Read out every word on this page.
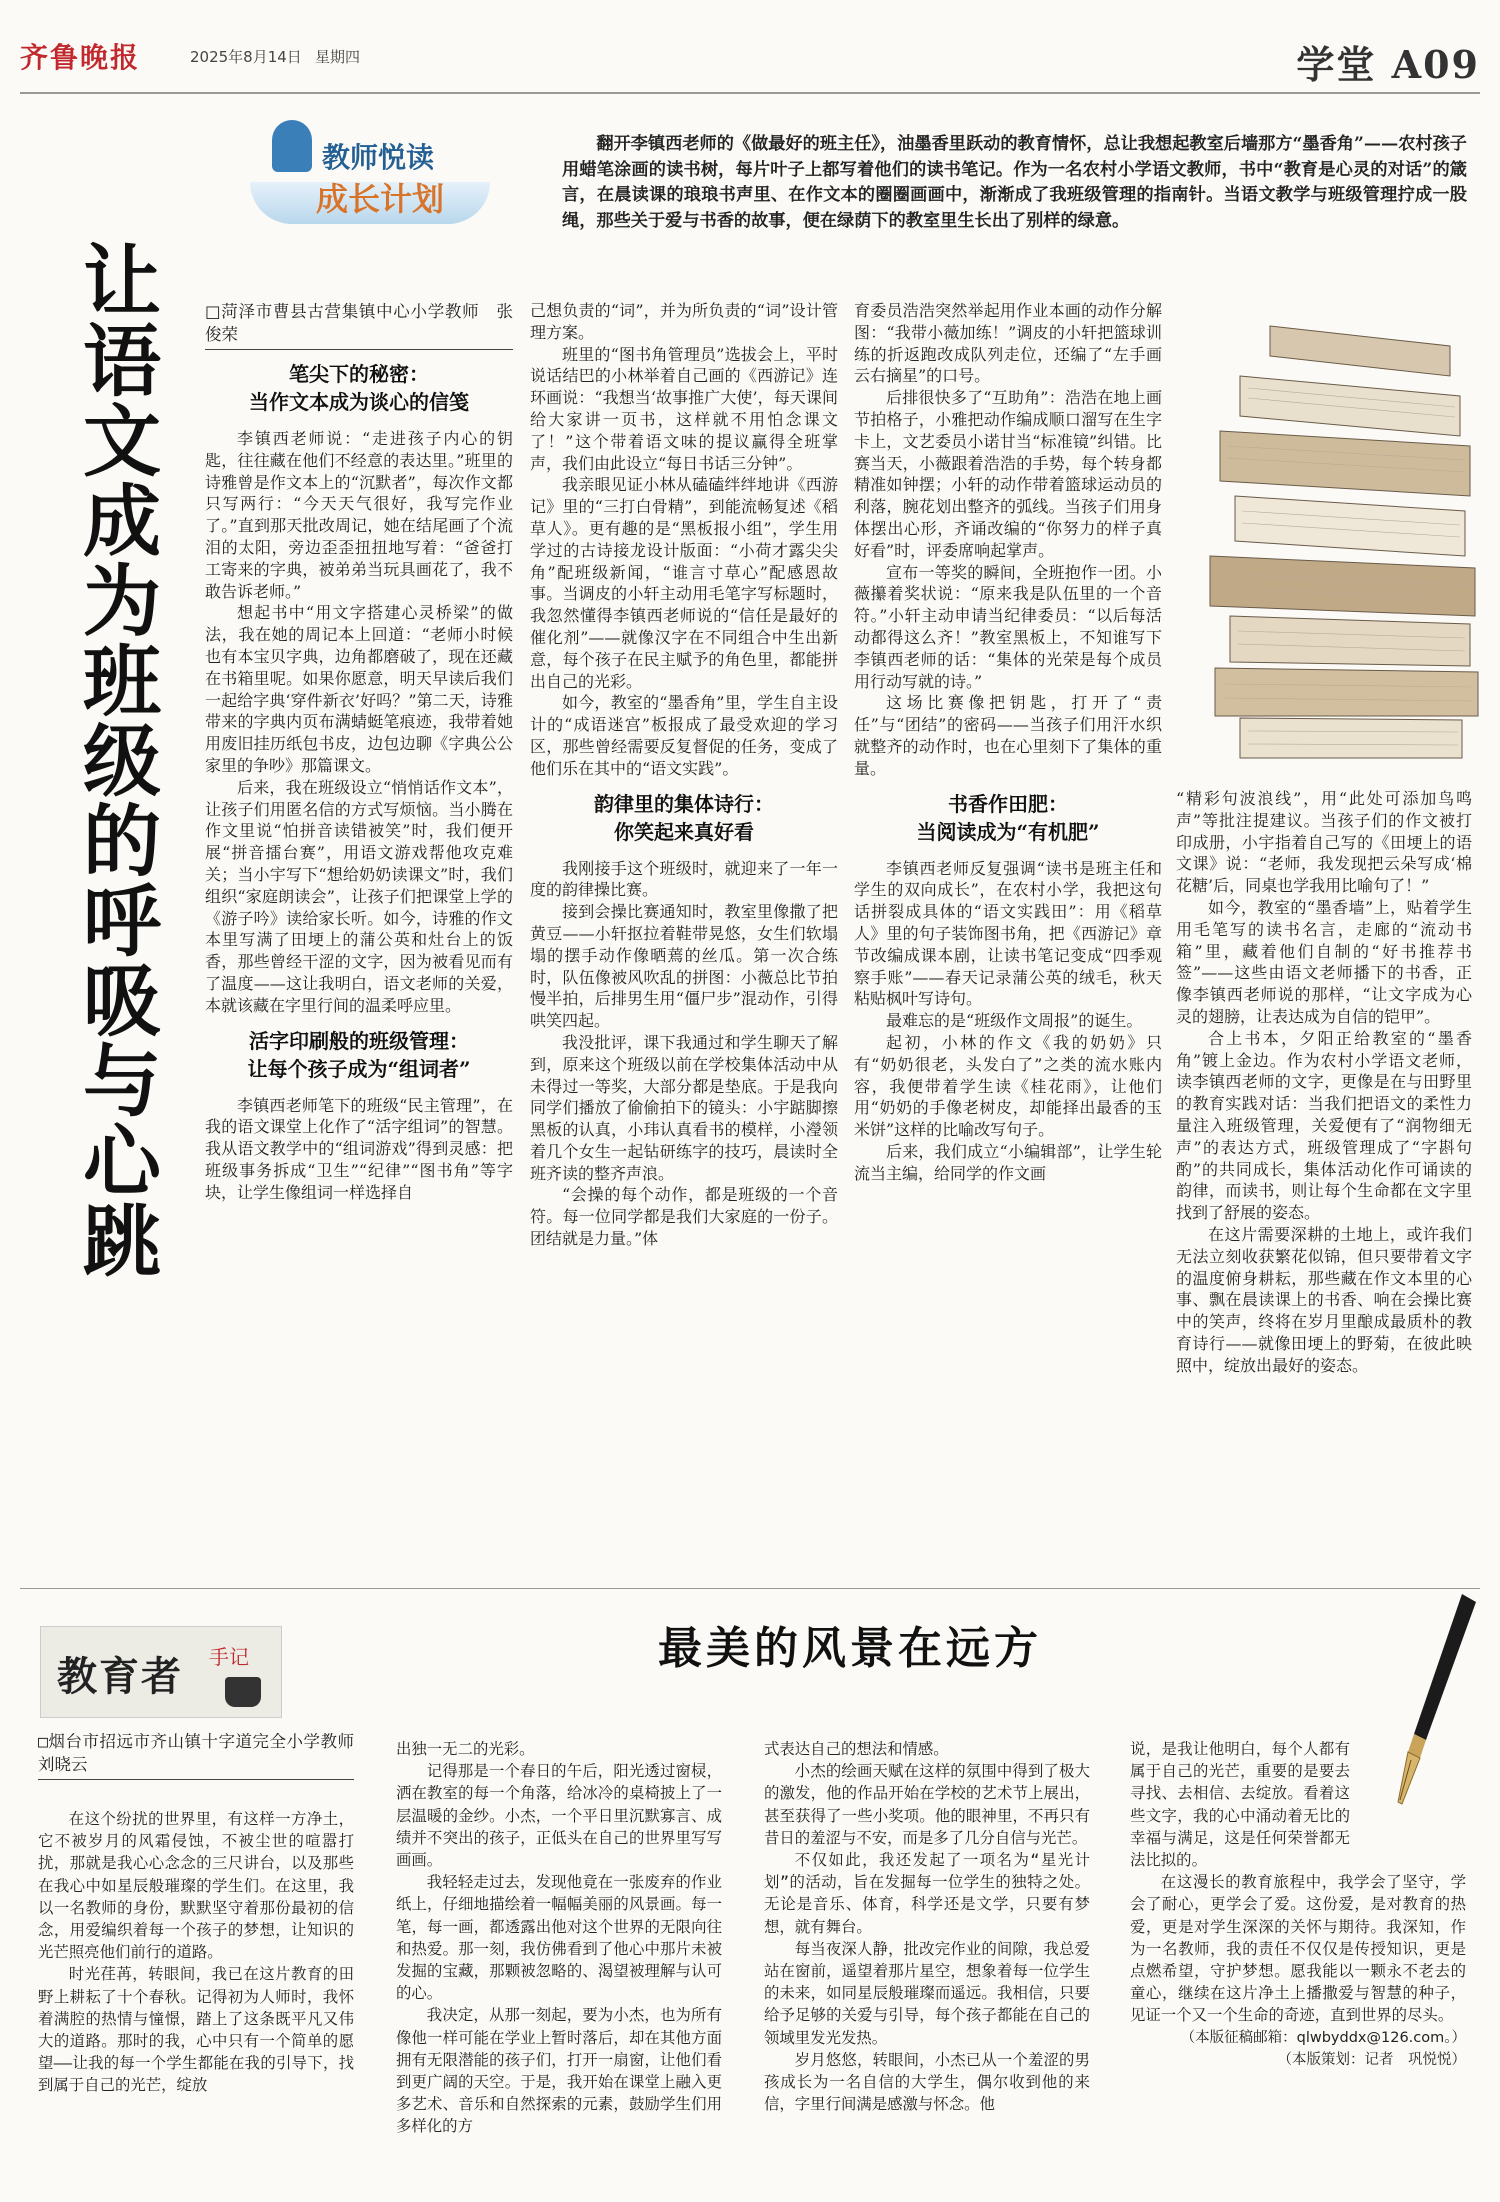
齐鲁晚报	2025年8月14日 星期四	学堂 A09
教师悦读
成长计划
翻开李镇西老师的《做最好的班主任》，油墨香里跃动的教育情怀，总让我想起教室后墙那方“墨香角”——农村孩子用蜡笔涂画的读书树，每片叶子上都写着他们的读书笔记。作为一名农村小学语文教师，书中“教育是心灵的对话”的箴言，在晨读课的琅琅书声里、在作文本的圈圈画画中，渐渐成了我班级管理的指南针。当语文教学与班级管理拧成一股绳，那些关于爱与书香的故事，便在绿荫下的教室里生长出了别样的绿意。
让语文成为班级的呼吸与心跳	□菏泽市曹县古营集镇中心小学教师　张俊荣
笔尖下的秘密：
当作文本成为谈心的信笺

李镇西老师说：“走进孩子内心的钥匙，往往藏在他们不经意的表达里。”班里的诗雅曾是作文本上的“沉默者”，每次作文都只写两行：“今天天气很好，我写完作业了。”直到那天批改周记，她在结尾画了个流泪的太阳，旁边歪歪扭扭地写着：“爸爸打工寄来的字典，被弟弟当玩具画花了，我不敢告诉老师。”

想起书中“用文字搭建心灵桥梁”的做法，我在她的周记本上回道：“老师小时候也有本宝贝字典，边角都磨破了，现在还藏在书箱里呢。如果你愿意，明天早读后我们一起给字典‘穿件新衣’好吗？”第二天，诗雅带来的字典内页布满蜻蜓笔痕迹，我带着她用废旧挂历纸包书皮，边包边聊《字典公公家里的争吵》那篇课文。

后来，我在班级设立“悄悄话作文本”，让孩子们用匿名信的方式写烦恼。当小腾在作文里说“怕拼音读错被笑”时，我们便开展“拼音擂台赛”，用语文游戏帮他攻克难关；当小宇写下“想给奶奶读课文”时，我们组织“家庭朗读会”，让孩子们把课堂上学的《游子吟》读给家长听。如今，诗雅的作文本里写满了田埂上的蒲公英和灶台上的饭香，那些曾经干涩的文字，因为被看见而有了温度——这让我明白，语文老师的关爱，本就该藏在字里行间的温柔呼应里。

活字印刷般的班级管理：
让每个孩子成为“组词者”

李镇西老师笔下的班级“民主管理”，在我的语文课堂上化作了“活字组词”的智慧。我从语文教学中的“组词游戏”得到灵感：把班级事务拆成“卫生”“纪律”“图书角”等字块，让学生像组词一样选择自

己想负责的“词”，并为所负责的“词”设计管理方案。

班里的“图书角管理员”选拔会上，平时说话结巴的小林举着自己画的《西游记》连环画说：“我想当‘故事推广大使’，每天课间给大家讲一页书，这样就不用怕念课文了！”这个带着语文味的提议赢得全班掌声，我们由此设立“每日书话三分钟”。

我亲眼见证小林从磕磕绊绊地讲《西游记》里的“三打白骨精”，到能流畅复述《稻草人》。更有趣的是“黑板报小组”，学生用学过的古诗接龙设计版面：“小荷才露尖尖角”配班级新闻，“谁言寸草心”配感恩故事。当调皮的小轩主动用毛笔字写标题时，我忽然懂得李镇西老师说的“信任是最好的催化剂”——就像汉字在不同组合中生出新意，每个孩子在民主赋予的角色里，都能拼出自己的光彩。

如今，教室的“墨香角”里，学生自主设计的“成语迷宫”板报成了最受欢迎的学习区，那些曾经需要反复督促的任务，变成了他们乐在其中的“语文实践”。

韵律里的集体诗行：
你笑起来真好看

我刚接手这个班级时，就迎来了一年一度的韵律操比赛。

接到会操比赛通知时，教室里像撒了把黄豆——小轩抠拉着鞋带晃悠，女生们软塌塌的摆手动作像晒蔫的丝瓜。第一次合练时，队伍像被风吹乱的拼图：小薇总比节拍慢半拍，后排男生用“僵尸步”混动作，引得哄笑四起。

我没批评，课下我通过和学生聊天了解到，原来这个班级以前在学校集体活动中从未得过一等奖，大部分都是垫底。于是我向同学们播放了偷偷拍下的镜头：小宇踮脚擦黑板的认真，小玮认真看书的模样，小瀅领着几个女生一起钻研练字的技巧，晨读时全班齐读的整齐声浪。

“会操的每个动作，都是班级的一个音符。每一位同学都是我们大家庭的一份子。团结就是力量。”体

育委员浩浩突然举起用作业本画的动作分解图：“我带小薇加练！”调皮的小轩把篮球训练的折返跑改成队列走位，还编了“左手画云右摘星”的口号。

后排很快多了“互助角”：浩浩在地上画节拍格子，小雅把动作编成顺口溜写在生字卡上，文艺委员小诺甘当“标准镜”纠错。比赛当天，小薇跟着浩浩的手势，每个转身都精准如钟摆；小轩的动作带着篮球运动员的利落，腕花划出整齐的弧线。当孩子们用身体摆出心形，齐诵改编的“你努力的样子真好看”时，评委席响起掌声。

宣布一等奖的瞬间，全班抱作一团。小薇攥着奖状说：“原来我是队伍里的一个音符。”小轩主动申请当纪律委员：“以后每活动都得这么齐！”教室黑板上，不知谁写下李镇西老师的话：“集体的光荣是每个成员用行动写就的诗。”

这场比赛像把钥匙，打开了“责任”与“团结”的密码——当孩子们用汗水织就整齐的动作时，也在心里刻下了集体的重量。

书香作田肥：
当阅读成为“有机肥”

李镇西老师反复强调“读书是班主任和学生的双向成长”，在农村小学，我把这句话拼裂成具体的“语文实践田”：用《稻草人》里的句子装饰图书角，把《西游记》章节改编成课本剧，让读书笔记变成“四季观察手账”——春天记录蒲公英的绒毛，秋天粘贴枫叶写诗句。

最难忘的是“班级作文周报”的诞生。

起初，小林的作文《我的奶奶》只有“奶奶很老，头发白了”之类的流水账内容，我便带着学生读《桂花雨》，让他们用“奶奶的手像老树皮，却能择出最香的玉米饼”这样的比喻改写句子。

后来，我们成立“小编辑部”，让学生轮流当主编，给同学的作文画

“精彩句波浪线”，用“此处可添加鸟鸣声”等批注提建议。当孩子们的作文被打印成册，小宇指着自己写的《田埂上的语文课》说：“老师，我发现把云朵写成‘棉花糖’后，同桌也学我用比喻句了！”

如今，教室的“墨香墙”上，贴着学生用毛笔写的读书名言，走廊的“流动书箱”里，藏着他们自制的“好书推荐书签”——这些由语文老师播下的书香，正像李镇西老师说的那样，“让文字成为心灵的翅膀，让表达成为自信的铠甲”。

合上书本，夕阳正给教室的“墨香角”镀上金边。作为农村小学语文老师，读李镇西老师的文字，更像是在与田野里的教育实践对话：当我们把语文的柔性力量注入班级管理，关爱便有了“润物细无声”的表达方式，班级管理成了“字斟句酌”的共同成长，集体活动化作可诵读的韵律，而读书，则让每个生命都在文字里找到了舒展的姿态。

在这片需要深耕的土地上，或许我们无法立刻收获繁花似锦，但只要带着文字的温度俯身耕耘，那些藏在作文本里的心事、飘在晨读课上的书香、响在会操比赛中的笑声，终将在岁月里酿成最质朴的教育诗行——就像田埂上的野菊，在彼此映照中，绽放出最好的姿态。

教育者 手记	最美的风景在远方
□烟台市招远市齐山镇十字道完全小学教师　刘晓云

在这个纷扰的世界里，有这样一方净土，它不被岁月的风霜侵蚀，不被尘世的喧嚣打扰，那就是我心心念念的三尺讲台，以及那些在我心中如星辰般璀璨的学生们。在这里，我以一名教师的身份，默默坚守着那份最初的信念，用爱编织着每一个孩子的梦想，让知识的光芒照亮他们前行的道路。

时光荏苒，转眼间，我已在这片教育的田野上耕耘了十个春秋。记得初为人师时，我怀着满腔的热情与憧憬，踏上了这条既平凡又伟大的道路。那时的我，心中只有一个简单的愿望——让我的每一个学生都能在我的引导下，找到属于自己的光芒，绽放

出独一无二的光彩。

记得那是一个春日的午后，阳光透过窗棂，洒在教室的每一个角落，给冰冷的桌椅披上了一层温暖的金纱。小杰，一个平日里沉默寡言、成绩并不突出的孩子，正低头在自己的世界里写写画画。

我轻轻走过去，发现他竟在一张废弃的作业纸上，仔细地描绘着一幅幅美丽的风景画。每一笔，每一画，都透露出他对这个世界的无限向往和热爱。那一刻，我仿佛看到了他心中那片未被发掘的宝藏，那颗被忽略的、渴望被理解与认可的心。

我决定，从那一刻起，要为小杰，也为所有像他一样可能在学业上暂时落后，却在其他方面拥有无限潜能的孩子们，打开一扇窗，让他们看到更广阔的天空。于是，我开始在课堂上融入更多艺术、音乐和自然探索的元素，鼓励学生们用多样化的方

式表达自己的想法和情感。

小杰的绘画天赋在这样的氛围中得到了极大的激发，他的作品开始在学校的艺术节上展出，甚至获得了一些小奖项。他的眼神里，不再只有昔日的羞涩与不安，而是多了几分自信与光芒。

不仅如此，我还发起了一项名为“星光计划”的活动，旨在发掘每一位学生的独特之处。无论是音乐、体育，科学还是文学，只要有梦想，就有舞台。

每当夜深人静，批改完作业的间隙，我总爱站在窗前，遥望着那片星空，想象着每一位学生的未来，如同星辰般璀璨而遥远。我相信，只要给予足够的关爱与引导，每个孩子都能在自己的领域里发光发热。

岁月悠悠，转眼间，小杰已从一个羞涩的男孩成长为一名自信的大学生，偶尔收到他的来信，字里行间满是感激与怀念。他

说，是我让他明白，每个人都有属于自己的光芒，重要的是要去寻找、去相信、去绽放。看着这些文字，我的心中涌动着无比的幸福与满足，这是任何荣誉都无法比拟的。

在这漫长的教育旅程中，我学会了坚守，学会了耐心，更学会了爱。这份爱，是对教育的热爱，更是对学生深深的关怀与期待。我深知，作为一名教师，我的责任不仅仅是传授知识，更是点燃希望，守护梦想。愿我能以一颗永不老去的童心，继续在这片净土上播撒爱与智慧的种子，见证一个又一个生命的奇迹，直到世界的尽头。

（本版征稿邮箱：qlwbyddx@126.com。）
（本版策划：记者　巩悦悦）
